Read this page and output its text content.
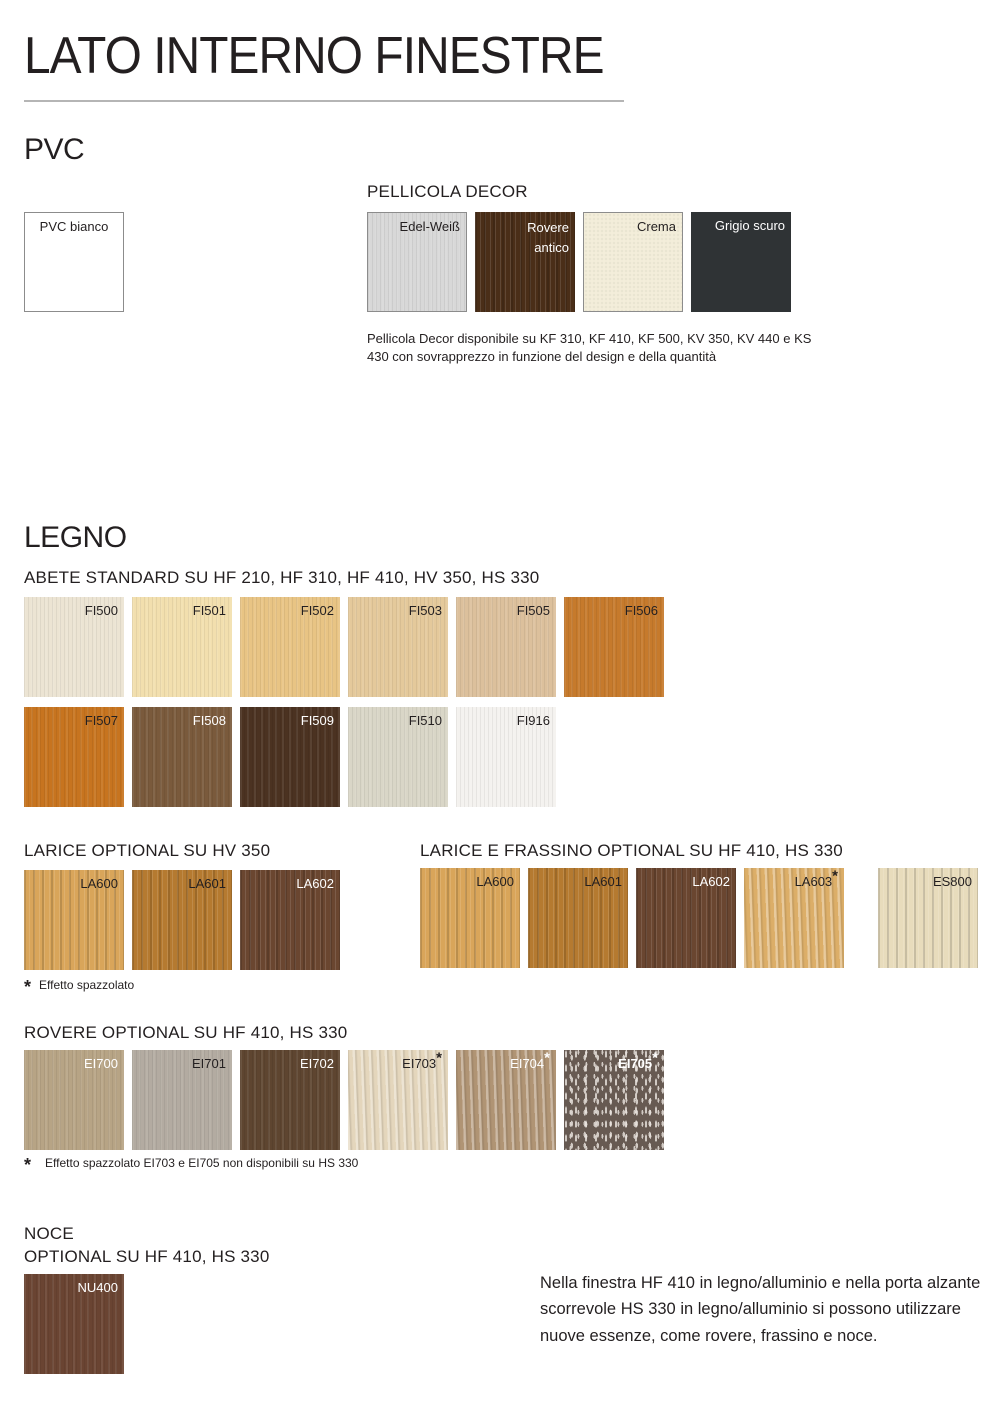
LATO INTERNO FINESTRE
PVC
PVC bianco
PELLICOLA DECOR
Edel-Weiß	Rovere antico
Crema	Grigio scuro
Pellicola Decor disponibile su KF 310, KF 410, KF 500, KV 350, KV 440 e KS 430 con sovrapprezzo in funzione del design e della quantità
LEGNO
ABETE STANDARD SU HF 210, HF 310, HF 410, HV 350, HS 330
FI500	FI501	FI502	FI503	FI505	FI506
FI507	FI508	FI509	FI510	FI916
LARICE OPTIONAL SU HV 350
LA600	LA601	LA602
LARICE E FRASSINO OPTIONAL SU HF 410, HS 330
LA600	LA601	LA602	LA603*	ES800
* Effetto spazzolato
ROVERE OPTIONAL SU HF 410, HS 330
EI700	EI701	EI702	EI703*	EI704*	EI705*
* Effetto spazzolato EI703 e EI705 non disponibili su HS 330
NOCE
OPTIONAL SU HF 410, HS 330
NU400	Nella finestra HF 410 in legno/alluminio e nella porta alzante scorrevole HS 330 in legno/alluminio si possono utilizzare nuove essenze, come rovere, frassino e noce.
